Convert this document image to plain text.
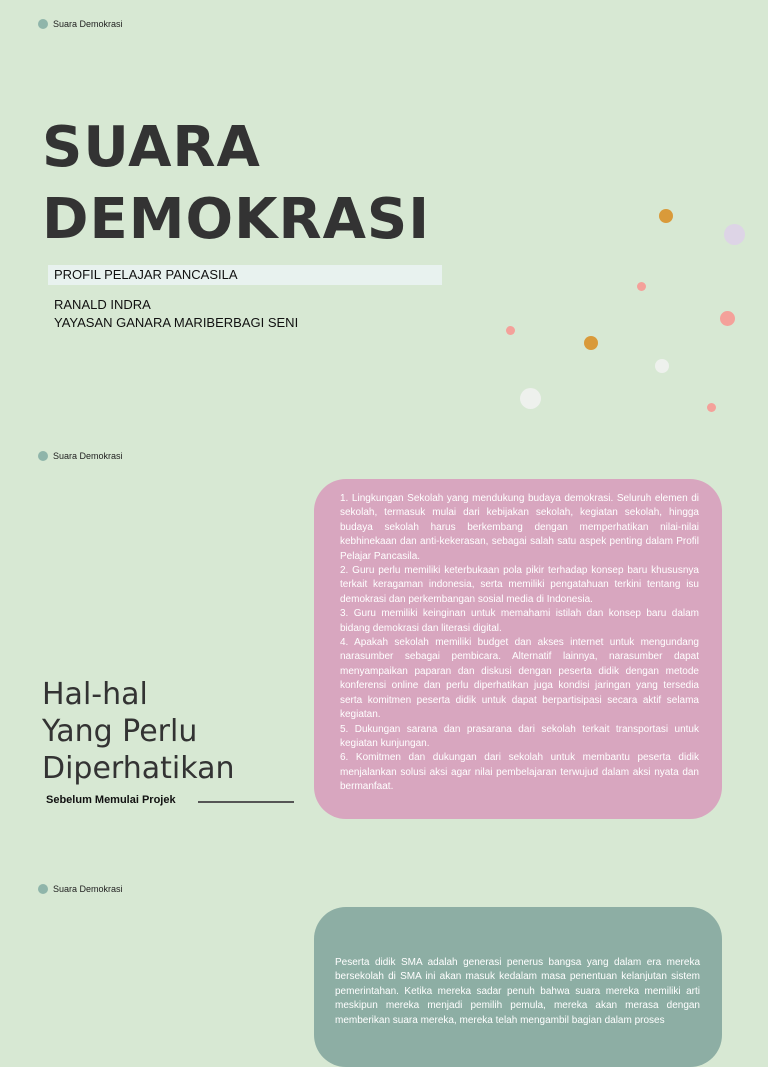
Suara Demokrasi
SUARA
DEMOKRASI
PROFIL PELAJAR PANCASILA
RANALD INDRA
YAYASAN GANARA MARIBERBAGI SENI
Suara Demokrasi
Hal-hal
Yang Perlu
Diperhatikan
Sebelum Memulai Projek

1. Lingkungan Sekolah yang mendukung budaya demokrasi. Seluruh elemen di sekolah, termasuk mulai dari kebijakan sekolah, kegiatan sekolah, hingga budaya sekolah harus berkembang dengan memperhatikan nilai-nilai kebhinekaan dan anti-kekerasan, sebagai salah satu aspek penting dalam Profil Pelajar Pancasila.

2. Guru perlu memiliki keterbukaan pola pikir terhadap konsep baru khususnya terkait keragaman indonesia, serta memiliki pengatahuan terkini tentang isu demokrasi dan perkembangan sosial media di Indonesia.

3. Guru memiliki keinginan untuk memahami istilah dan konsep baru dalam bidang demokrasi dan literasi digital.

4. Apakah sekolah memiliki budget dan akses internet untuk mengundang narasumber sebagai pembicara. Alternatif lainnya, narasumber dapat menyampaikan paparan dan diskusi dengan peserta didik dengan metode konferensi online dan perlu diperhatikan juga kondisi jaringan yang tersedia serta komitmen peserta didik untuk dapat berpartisipasi secara aktif selama kegiatan.

5. Dukungan sarana dan prasarana dari sekolah terkait transportasi untuk kegiatan kunjungan.

6. Komitmen dan dukungan dari sekolah untuk membantu peserta didik menjalankan solusi aksi agar nilai pembelajaran terwujud dalam aksi nyata dan bermanfaat.

Suara Demokrasi

Peserta didik SMA adalah generasi penerus bangsa yang dalam era mereka bersekolah di SMA ini akan masuk kedalam masa penentuan kelanjutan sistem pemerintahan. Ketika mereka sadar penuh bahwa suara mereka memiliki arti meskipun mereka menjadi pemilih pemula, mereka akan merasa dengan memberikan suara mereka, mereka telah mengambil bagian dalam proses
